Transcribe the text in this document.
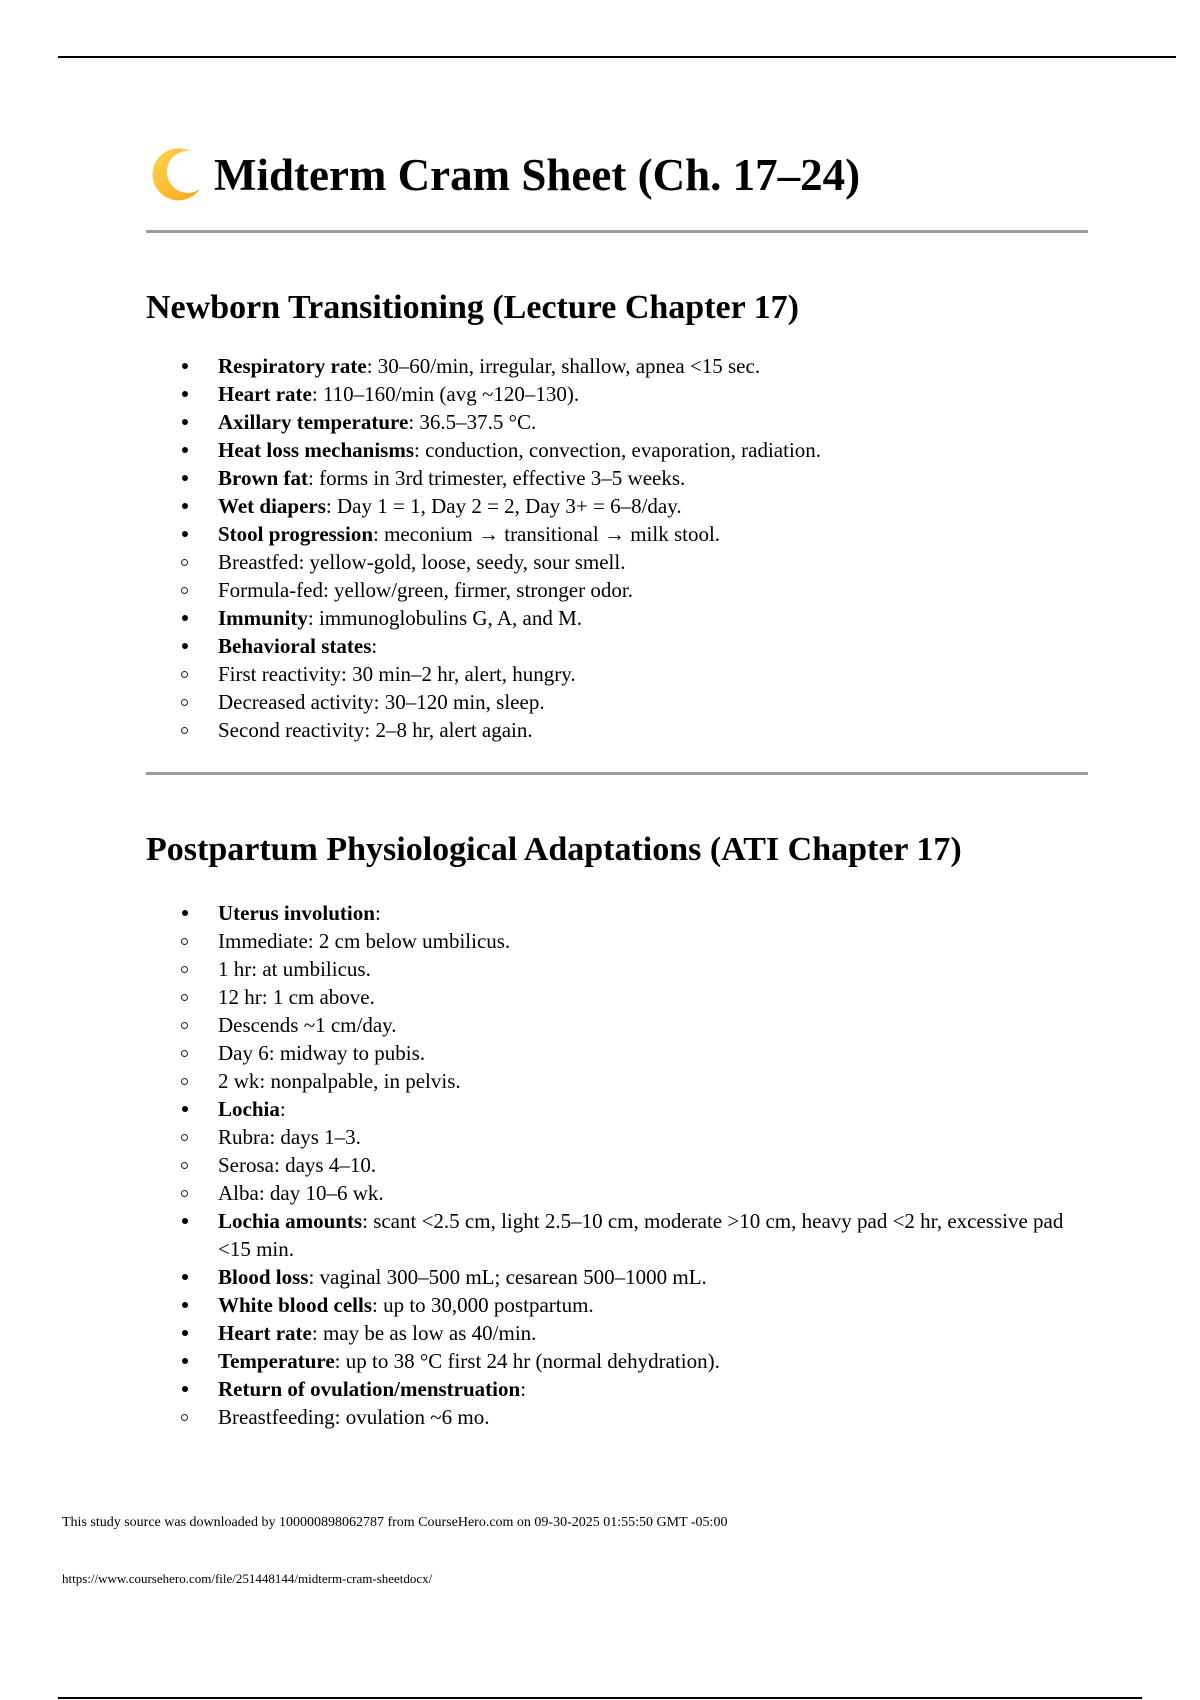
Midterm Cram Sheet (Ch. 17–24)
Newborn Transitioning (Lecture Chapter 17)
Respiratory rate: 30–60/min, irregular, shallow, apnea <15 sec.
Heart rate: 110–160/min (avg ~120–130).
Axillary temperature: 36.5–37.5 °C.
Heat loss mechanisms: conduction, convection, evaporation, radiation.
Brown fat: forms in 3rd trimester, effective 3–5 weeks.
Wet diapers: Day 1 = 1, Day 2 = 2, Day 3+ = 6–8/day.
Stool progression: meconium → transitional → milk stool.
Breastfed: yellow-gold, loose, seedy, sour smell.
Formula-fed: yellow/green, firmer, stronger odor.
Immunity: immunoglobulins G, A, and M.
Behavioral states:
First reactivity: 30 min–2 hr, alert, hungry.
Decreased activity: 30–120 min, sleep.
Second reactivity: 2–8 hr, alert again.
Postpartum Physiological Adaptations (ATI Chapter 17)
Uterus involution:
Immediate: 2 cm below umbilicus.
1 hr: at umbilicus.
12 hr: 1 cm above.
Descends ~1 cm/day.
Day 6: midway to pubis.
2 wk: nonpalpable, in pelvis.
Lochia:
Rubra: days 1–3.
Serosa: days 4–10.
Alba: day 10–6 wk.
Lochia amounts: scant <2.5 cm, light 2.5–10 cm, moderate >10 cm, heavy pad <2 hr, excessive pad <15 min.
Blood loss: vaginal 300–500 mL; cesarean 500–1000 mL.
White blood cells: up to 30,000 postpartum.
Heart rate: may be as low as 40/min.
Temperature: up to 38 °C first 24 hr (normal dehydration).
Return of ovulation/menstruation:
Breastfeeding: ovulation ~6 mo.
This study source was downloaded by 100000898062787 from CourseHero.com on 09-30-2025 01:55:50 GMT -05:00
https://www.coursehero.com/file/251448144/midterm-cram-sheetdocx/
